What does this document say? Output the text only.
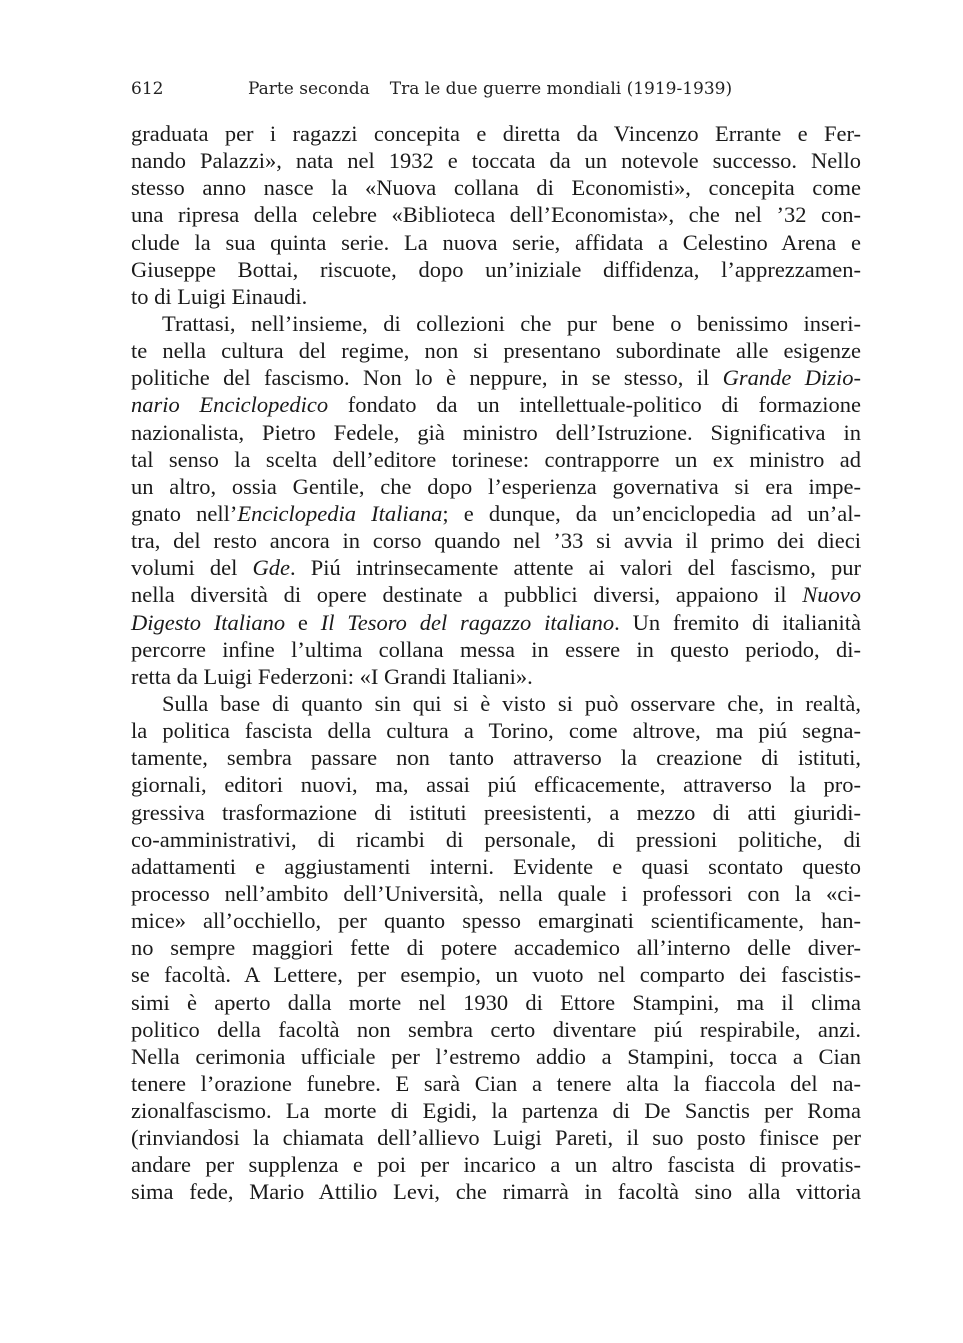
612	Parte seconda Tra le due guerre mondiali (1919-1939)
graduata per i ragazzi concepita e diretta da Vincenzo Errante e Fer-
nando Palazzi», nata nel 1932 e toccata da un notevole successo. Nello
stesso anno nasce la «Nuova collana di Economisti», concepita come
una ripresa della celebre «Biblioteca dell’Economista», che nel ’32 con-
clude la sua quinta serie. La nuova serie, affidata a Celestino Arena e
Giuseppe Bottai, riscuote, dopo un’iniziale diffidenza, l’apprezzamen-
to di Luigi Einaudi.
Trattasi, nell’insieme, di collezioni che pur bene o benissimo inseri-
te nella cultura del regime, non si presentano subordinate alle esigenze
politiche del fascismo. Non lo è neppure, in se stesso, il Grande Dizio-
nario Enciclopedico fondato da un intellettuale-politico di formazione
nazionalista, Pietro Fedele, già ministro dell’Istruzione. Significativa in
tal senso la scelta dell’editore torinese: contrapporre un ex ministro ad
un altro, ossia Gentile, che dopo l’esperienza governativa si era impe-
gnato nell’Enciclopedia Italiana; e dunque, da un’enciclopedia ad un’al-
tra, del resto ancora in corso quando nel ’33 si avvia il primo dei dieci
volumi del Gde. Piú intrinsecamente attente ai valori del fascismo, pur
nella diversità di opere destinate a pubblici diversi, appaiono il Nuovo
Digesto Italiano e Il Tesoro del ragazzo italiano. Un fremito di italianità
percorre infine l’ultima collana messa in essere in questo periodo, di-
retta da Luigi Federzoni: «I Grandi Italiani».
Sulla base di quanto sin qui si è visto si può osservare che, in realtà,
la politica fascista della cultura a Torino, come altrove, ma piú segna-
tamente, sembra passare non tanto attraverso la creazione di istituti,
giornali, editori nuovi, ma, assai piú efficacemente, attraverso la pro-
gressiva trasformazione di istituti preesistenti, a mezzo di atti giuridi-
co-amministrativi, di ricambi di personale, di pressioni politiche, di
adattamenti e aggiustamenti interni. Evidente e quasi scontato questo
processo nell’ambito dell’Università, nella quale i professori con la «ci-
mice» all’occhiello, per quanto spesso emarginati scientificamente, han-
no sempre maggiori fette di potere accademico all’interno delle diver-
se facoltà. A Lettere, per esempio, un vuoto nel comparto dei fascistis-
simi è aperto dalla morte nel 1930 di Ettore Stampini, ma il clima
politico della facoltà non sembra certo diventare piú respirabile, anzi.
Nella cerimonia ufficiale per l’estremo addio a Stampini, tocca a Cian
tenere l’orazione funebre. E sarà Cian a tenere alta la fiaccola del na-
zionalfascismo. La morte di Egidi, la partenza di De Sanctis per Roma
(rinviandosi la chiamata dell’allievo Luigi Pareti, il suo posto finisce per
andare per supplenza e poi per incarico a un altro fascista di provatis-
sima fede, Mario Attilio Levi, che rimarrà in facoltà sino alla vittoria
